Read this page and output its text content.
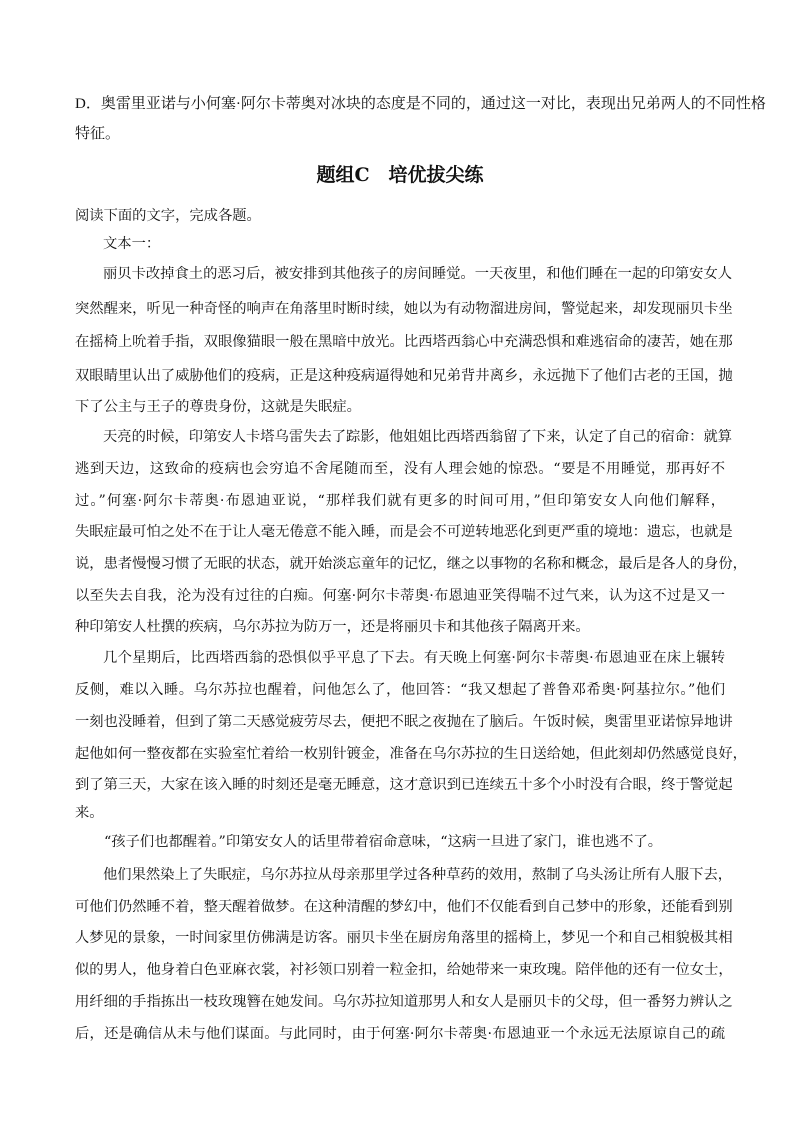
D．奥雷里亚诺与小何塞·阿尔卡蒂奥对冰块的态度是不同的，通过这一对比，表现出兄弟两人的不同性格

特征。

题组C　培优拔尖练

阅读下面的文字，完成各题。

文本一：

丽贝卡改掉食土的恶习后，被安排到其他孩子的房间睡觉。一天夜里，和他们睡在一起的印第安女人

突然醒来，听见一种奇怪的响声在角落里时断时续，她以为有动物溜进房间，警觉起来，却发现丽贝卡坐

在摇椅上吮着手指，双眼像猫眼一般在黑暗中放光。比西塔西翁心中充满恐惧和难逃宿命的凄苦，她在那

双眼睛里认出了威胁他们的疫病，正是这种疫病逼得她和兄弟背井离乡，永远抛下了他们古老的王国，抛

下了公主与王子的尊贵身份，这就是失眠症。

天亮的时候，印第安人卡塔乌雷失去了踪影，他姐姐比西塔西翁留了下来，认定了自己的宿命：就算

逃到天边，这致命的疫病也会穷追不舍尾随而至，没有人理会她的惊恐。“要是不用睡觉，那再好不

过。”何塞·阿尔卡蒂奥·布恩迪亚说，“那样我们就有更多的时间可用，”但印第安女人向他们解释，

失眠症最可怕之处不在于让人毫无倦意不能入睡，而是会不可逆转地恶化到更严重的境地：遗忘，也就是

说，患者慢慢习惯了无眠的状态，就开始淡忘童年的记忆，继之以事物的名称和概念，最后是各人的身份，

以至失去自我，沦为没有过往的白痴。何塞·阿尔卡蒂奥·布恩迪亚笑得喘不过气来，认为这不过是又一

种印第安人杜撰的疾病，乌尔苏拉为防万一，还是将丽贝卡和其他孩子隔离开来。

几个星期后，比西塔西翁的恐惧似乎平息了下去。有天晚上何塞·阿尔卡蒂奥·布恩迪亚在床上辗转

反侧，难以入睡。乌尔苏拉也醒着，问他怎么了，他回答：“我又想起了普鲁邓希奥·阿基拉尔。”他们

一刻也没睡着，但到了第二天感觉疲劳尽去，便把不眠之夜抛在了脑后。午饭时候，奥雷里亚诺惊异地讲

起他如何一整夜都在实验室忙着给一枚别针镀金，准备在乌尔苏拉的生日送给她，但此刻却仍然感觉良好，

到了第三天，大家在该入睡的时刻还是毫无睡意，这才意识到已连续五十多个小时没有合眼，终于警觉起

来。

“孩子们也都醒着。”印第安女人的话里带着宿命意味，“这病一旦进了家门，谁也逃不了。

他们果然染上了失眠症，乌尔苏拉从母亲那里学过各种草药的效用，熬制了乌头汤让所有人服下去，

可他们仍然睡不着，整天醒着做梦。在这种清醒的梦幻中，他们不仅能看到自己梦中的形象，还能看到别

人梦见的景象，一时间家里仿佛满是访客。丽贝卡坐在厨房角落里的摇椅上，梦见一个和自己相貌极其相

似的男人，他身着白色亚麻衣裳，衬衫领口别着一粒金扣，给她带来一束玫瑰。陪伴他的还有一位女士，

用纤细的手指拣出一枝玫瑰簪在她发间。乌尔苏拉知道那男人和女人是丽贝卡的父母，但一番努力辨认之

后，还是确信从未与他们谋面。与此同时，由于何塞·阿尔卡蒂奥·布恩迪亚一个永远无法原谅自己的疏
